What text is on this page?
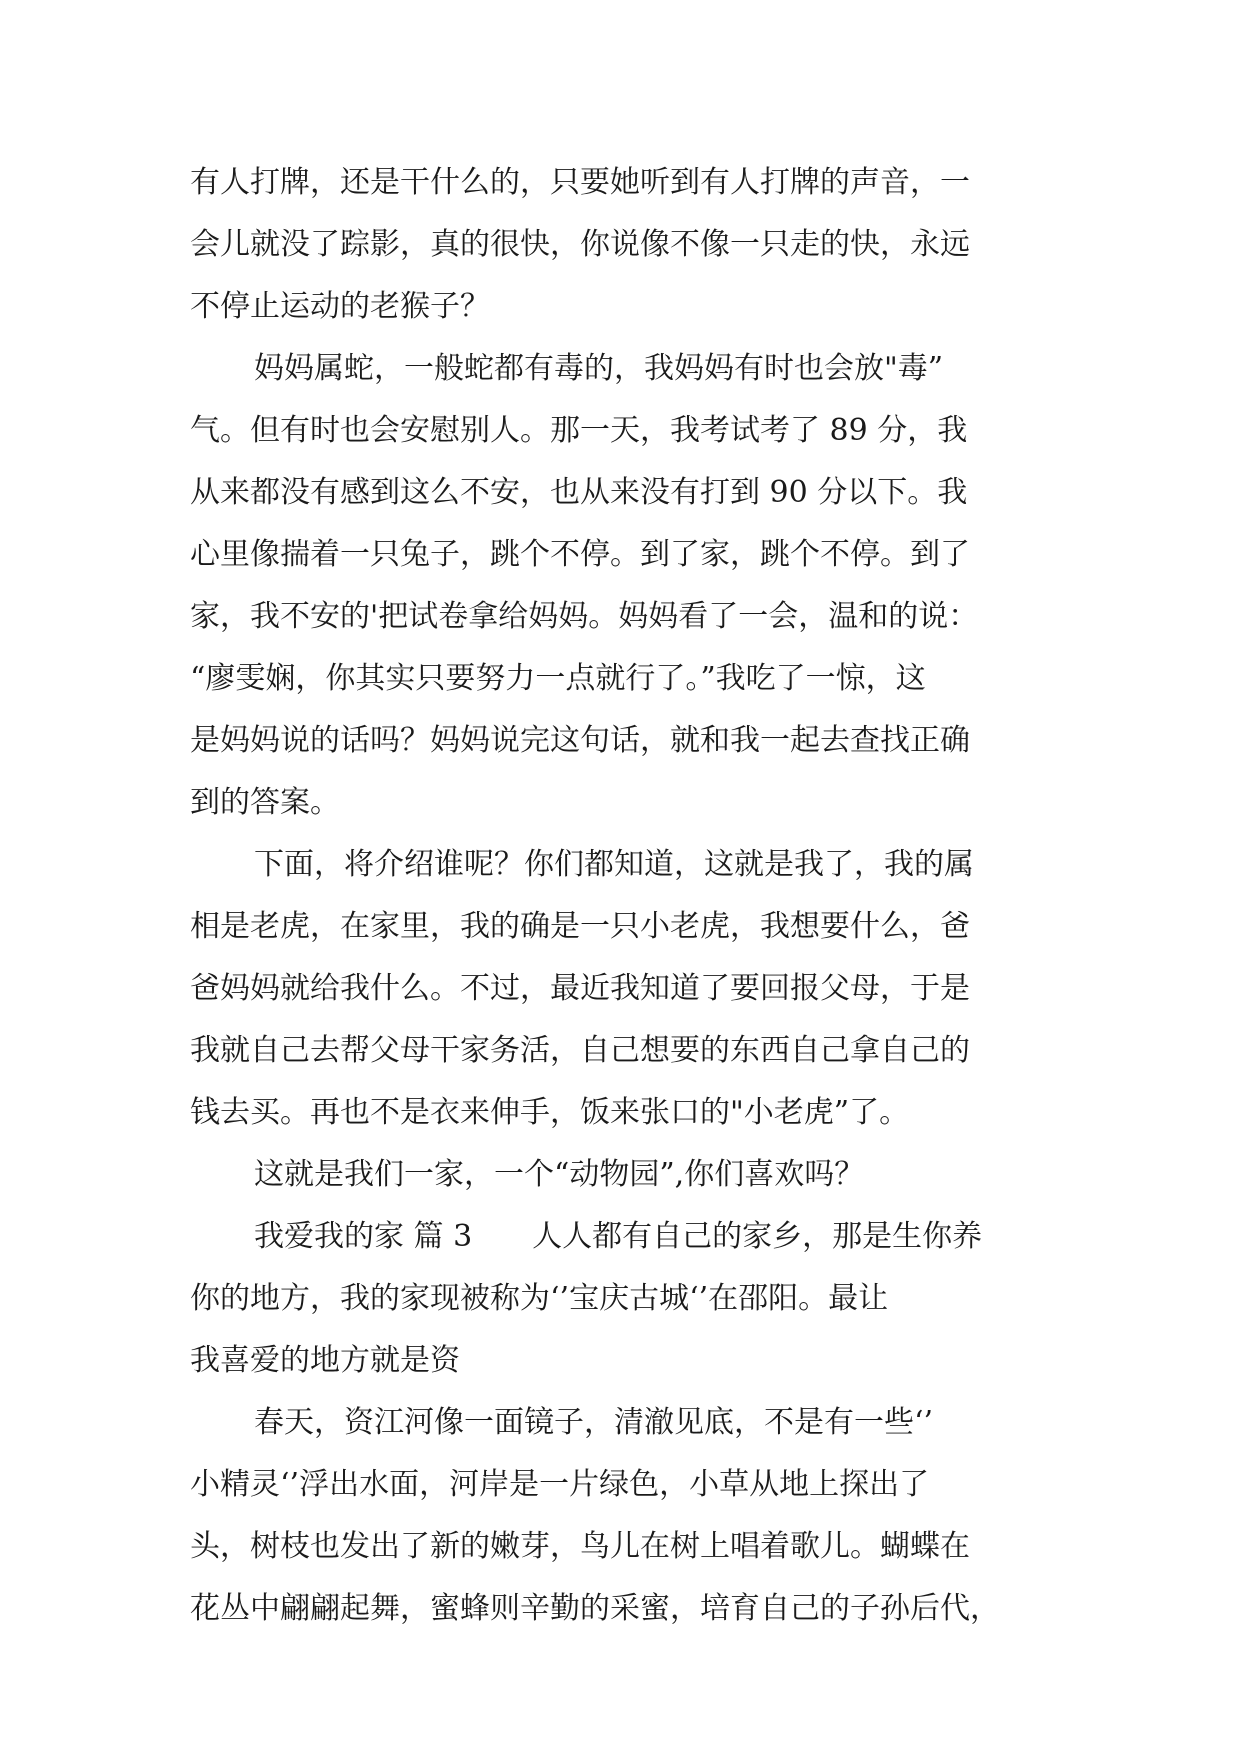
有人打牌，还是干什么的，只要她听到有人打牌的声音，一
会儿就没了踪影，真的很快，你说像不像一只走的快，永远
不停止运动的老猴子？
妈妈属蛇，一般蛇都有毒的，我妈妈有时也会放"毒”
气。但有时也会安慰别人。那一天，我考试考了 89 分，我
从来都没有感到这么不安，也从来没有打到 90 分以下。我
心里像揣着一只兔子，跳个不停。到了家，跳个不停。到了
家，我不安的'把试卷拿给妈妈。妈妈看了一会，温和的说：
“廖雯娴，你其实只要努力一点就行了。”我吃了一惊，这
是妈妈说的话吗？妈妈说完这句话，就和我一起去查找正确
到的答案。
下面，将介绍谁呢？你们都知道，这就是我了，我的属
相是老虎，在家里，我的确是一只小老虎，我想要什么，爸
爸妈妈就给我什么。不过，最近我知道了要回报父母，于是
我就自己去帮父母干家务活，自己想要的东西自己拿自己的
钱去买。再也不是衣来伸手，饭来张口的"小老虎”了。
这就是我们一家，一个“动物园”,你们喜欢吗？
我爱我的家 篇 3　　人人都有自己的家乡，那是生你养
你的地方，我的家现被称为‘’宝庆古城‘’在邵阳。最让
我喜爱的地方就是资
春天，资江河像一面镜子，清澈见底，不是有一些‘’
小精灵‘’浮出水面，河岸是一片绿色，小草从地上探出了
头，树枝也发出了新的嫩芽，鸟儿在树上唱着歌儿。蝴蝶在
花丛中翩翩起舞，蜜蜂则辛勤的采蜜，培育自己的子孙后代，
